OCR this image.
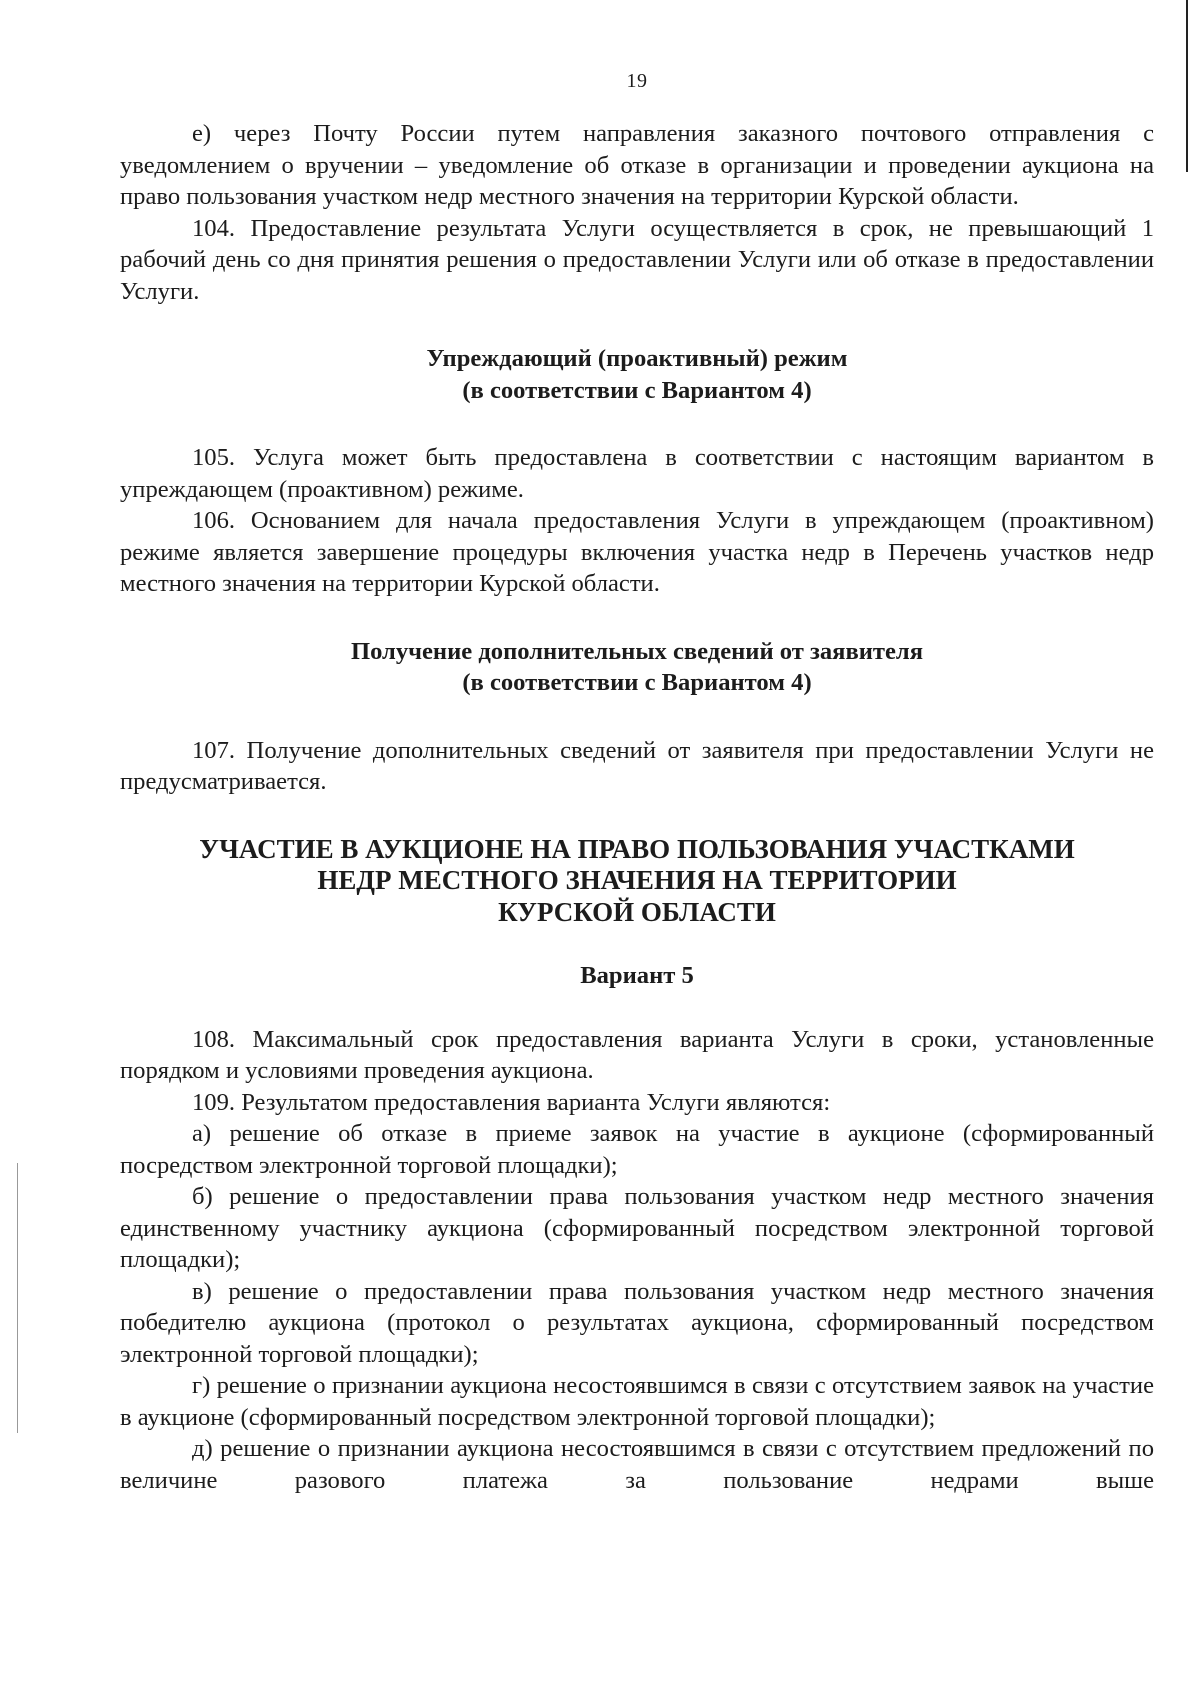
19

е) через Почту России путем направления заказного почтового отправления с уведомлением о вручении – уведомление об отказе в организации и проведении аукциона на право пользования участком недр местного значения на территории Курской области.

104. Предоставление результата Услуги осуществляется в срок, не превышающий 1 рабочий день со дня принятия решения о предоставлении Услуги или об отказе в предоставлении Услуги.

Упреждающий (проактивный) режим
(в соответствии с Вариантом 4)

105. Услуга может быть предоставлена в соответствии с настоящим вариантом в упреждающем (проактивном) режиме.

106. Основанием для начала предоставления Услуги в упреждающем (проактивном) режиме является завершение процедуры включения участка недр в Перечень участков недр местного значения на территории Курской области.

Получение дополнительных сведений от заявителя
(в соответствии с Вариантом 4)

107. Получение дополнительных сведений от заявителя при предоставлении Услуги не предусматривается.

УЧАСТИЕ В АУКЦИОНЕ НА ПРАВО ПОЛЬЗОВАНИЯ УЧАСТКАМИ
НЕДР МЕСТНОГО ЗНАЧЕНИЯ НА ТЕРРИТОРИИ
КУРСКОЙ ОБЛАСТИ
Вариант 5

108. Максимальный срок предоставления варианта Услуги в сроки, установленные порядком и условиями проведения аукциона.

109. Результатом предоставления варианта Услуги являются:

а) решение об отказе в приеме заявок на участие в аукционе (сформированный посредством электронной торговой площадки);

б) решение о предоставлении права пользования участком недр местного значения единственному участнику аукциона (сформированный посредством электронной торговой площадки);

в) решение о предоставлении права пользования участком недр местного значения победителю аукциона (протокол о результатах аукциона, сформированный посредством электронной торговой площадки);

г) решение о признании аукциона несостоявшимся в связи с отсутствием заявок на участие в аукционе (сформированный посредством электронной торговой площадки);

д) решение о признании аукциона несостоявшимся в связи с отсутствием предложений по величине разового платежа за пользование недрами выше
